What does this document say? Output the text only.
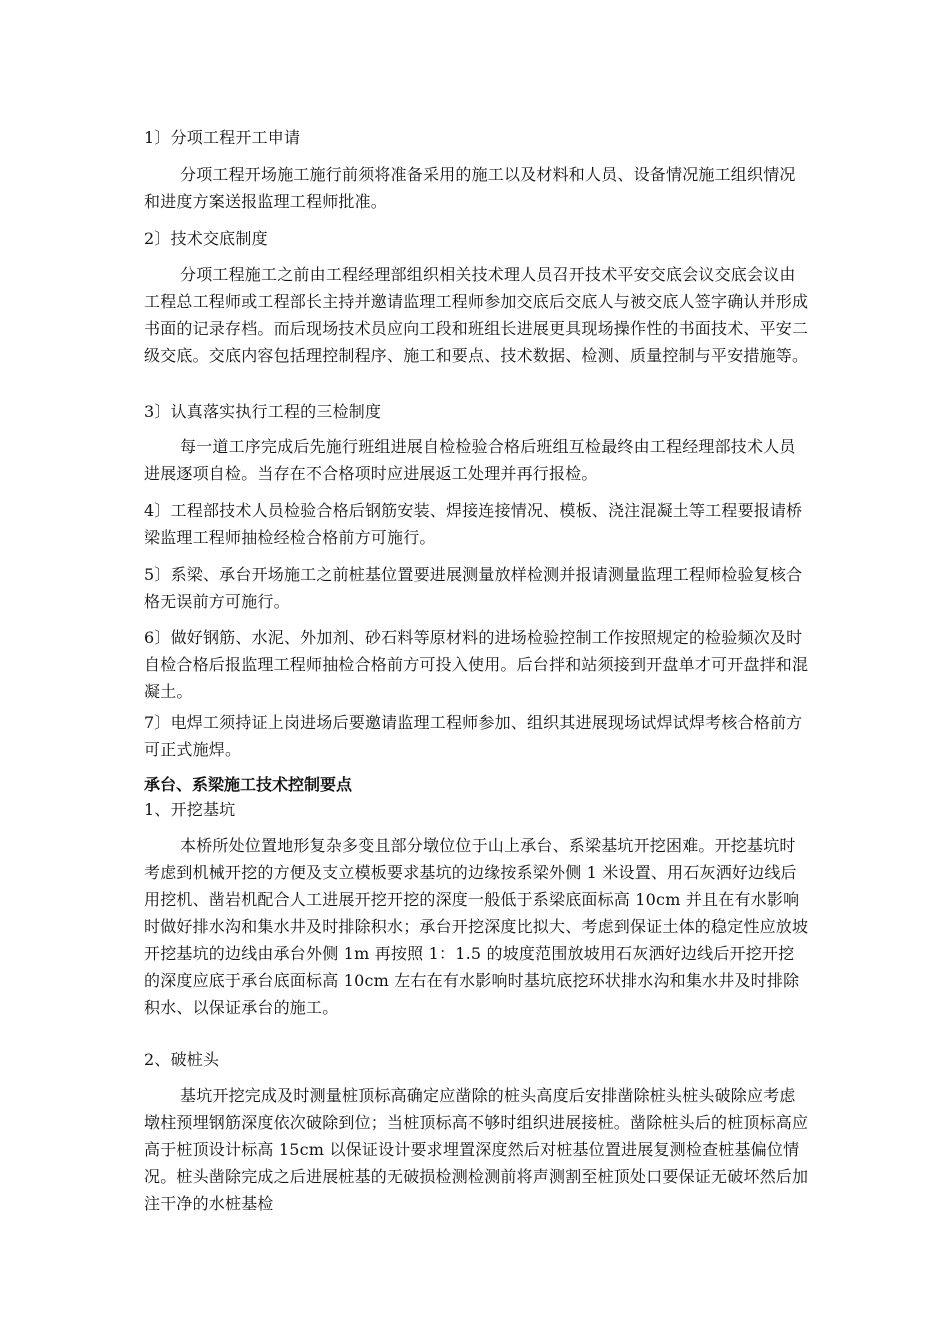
1〕分项工程开工申请

分项工程开场施工施行前须将准备采用的施工以及材料和人员、设备情况施工组织情况和进度方案送报监理工程师批准。

2〕技术交底制度

分项工程施工之前由工程经理部组织相关技术理人员召开技术平安交底会议交底会议由工程总工程师或工程部长主持并邀请监理工程师参加交底后交底人与被交底人签字确认并形成书面的记录存档。而后现场技术员应向工段和班组长进展更具现场操作性的书面技术、平安二级交底。交底内容包括理控制程序、施工和要点、技术数据、检测、质量控制与平安措施等。

3〕认真落实执行工程的三检制度

每一道工序完成后先施行班组进展自检检验合格后班组互检最终由工程经理部技术人员进展逐项自检。当存在不合格项时应进展返工处理并再行报检。

4〕工程部技术人员检验合格后钢筋安装、焊接连接情况、模板、浇注混凝土等工程要报请桥梁监理工程师抽检经检合格前方可施行。

5〕系梁、承台开场施工之前桩基位置要进展测量放样检测并报请测量监理工程师检验复核合格无误前方可施行。

6〕做好钢筋、水泥、外加剂、砂石料等原材料的进场检验控制工作按照规定的检验频次及时自检合格后报监理工程师抽检合格前方可投入使用。后台拌和站须接到开盘单才可开盘拌和混凝土。

7〕电焊工须持证上岗进场后要邀请监理工程师参加、组织其进展现场试焊试焊考核合格前方可正式施焊。

承台、系梁施工技术控制要点

1、开挖基坑

本桥所处位置地形复杂多变且部分墩位位于山上承台、系梁基坑开挖困难。开挖基坑时考虑到机械开挖的方便及支立模板要求基坑的边缘按系梁外侧 1 米设置、用石灰洒好边线后用挖机、凿岩机配合人工进展开挖开挖的深度一般低于系梁底面标高 10cm 并且在有水影响时做好排水沟和集水井及时排除积水；承台开挖深度比拟大、考虑到保证土体的稳定性应放坡开挖基坑的边线由承台外侧 1m 再按照 1：1.5 的坡度范围放坡用石灰洒好边线后开挖开挖的深度应底于承台底面标高 10cm 左右在有水影响时基坑底挖环状排水沟和集水井及时排除积水、以保证承台的施工。

2、破桩头

基坑开挖完成及时测量桩顶标高确定应凿除的桩头高度后安排凿除桩头桩头破除应考虑墩柱预埋钢筋深度依次破除到位；当桩顶标高不够时组织进展接桩。凿除桩头后的桩顶标高应高于桩顶设计标高 15cm 以保证设计要求埋置深度然后对桩基位置进展复测检查桩基偏位情况。桩头凿除完成之后进展桩基的无破损检测检测前将声测割至桩顶处口要保证无破坏然后加注干净的水桩基检
